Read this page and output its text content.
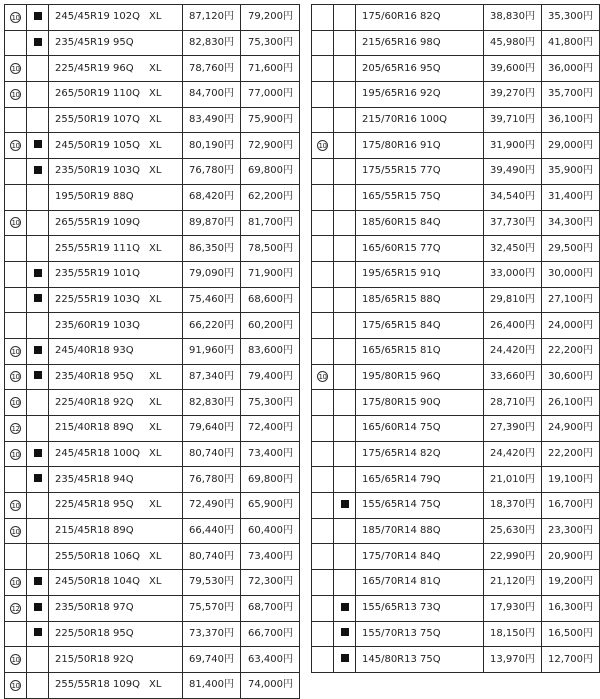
10		245/45R19 102Q XL	87,120円	79,200円
		235/45R19 95Q	82,830円	75,300円
10		225/45R19 96Q XL	78,760円	71,600円
10		265/50R19 110Q XL	84,700円	77,000円
		255/50R19 107Q XL	83,490円	75,900円
10		245/50R19 105Q XL	80,190円	72,900円
		235/50R19 103Q XL	76,780円	69,800円
		195/50R19 88Q	68,420円	62,200円
10		265/55R19 109Q	89,870円	81,700円
		255/55R19 111Q XL	86,350円	78,500円
		235/55R19 101Q	79,090円	71,900円
		225/55R19 103Q XL	75,460円	68,600円
		235/60R19 103Q	66,220円	60,200円
10		245/40R18 93Q	91,960円	83,600円
10		235/40R18 95Q XL	87,340円	79,400円
10		225/40R18 92Q XL	82,830円	75,300円
12		215/40R18 89Q XL	79,640円	72,400円
10		245/45R18 100Q XL	80,740円	73,400円
		235/45R18 94Q	76,780円	69,800円
10		225/45R18 95Q XL	72,490円	65,900円
10		215/45R18 89Q	66,440円	60,400円
		255/50R18 106Q XL	80,740円	73,400円
10		245/50R18 104Q XL	79,530円	72,300円
12		235/50R18 97Q	75,570円	68,700円
		225/50R18 95Q	73,370円	66,700円
10		215/50R18 92Q	69,740円	63,400円
10		255/55R18 109Q XL	81,400円	74,000円
		175/60R16 82Q	38,830円	35,300円
		215/65R16 98Q	45,980円	41,800円
		205/65R16 95Q	39,600円	36,000円
		195/65R16 92Q	39,270円	35,700円
		215/70R16 100Q	39,710円	36,100円
10		175/80R16 91Q	31,900円	29,000円
		175/55R15 77Q	39,490円	35,900円
		165/55R15 75Q	34,540円	31,400円
		185/60R15 84Q	37,730円	34,300円
		165/60R15 77Q	32,450円	29,500円
		195/65R15 91Q	33,000円	30,000円
		185/65R15 88Q	29,810円	27,100円
		175/65R15 84Q	26,400円	24,000円
		165/65R15 81Q	24,420円	22,200円
10		195/80R15 96Q	33,660円	30,600円
		175/80R15 90Q	28,710円	26,100円
		165/60R14 75Q	27,390円	24,900円
		175/65R14 82Q	24,420円	22,200円
		165/65R14 79Q	21,010円	19,100円
		155/65R14 75Q	18,370円	16,700円
		185/70R14 88Q	25,630円	23,300円
		175/70R14 84Q	22,990円	20,900円
		165/70R14 81Q	21,120円	19,200円
		155/65R13 73Q	17,930円	16,300円
		155/70R13 75Q	18,150円	16,500円
		145/80R13 75Q	13,970円	12,700円
